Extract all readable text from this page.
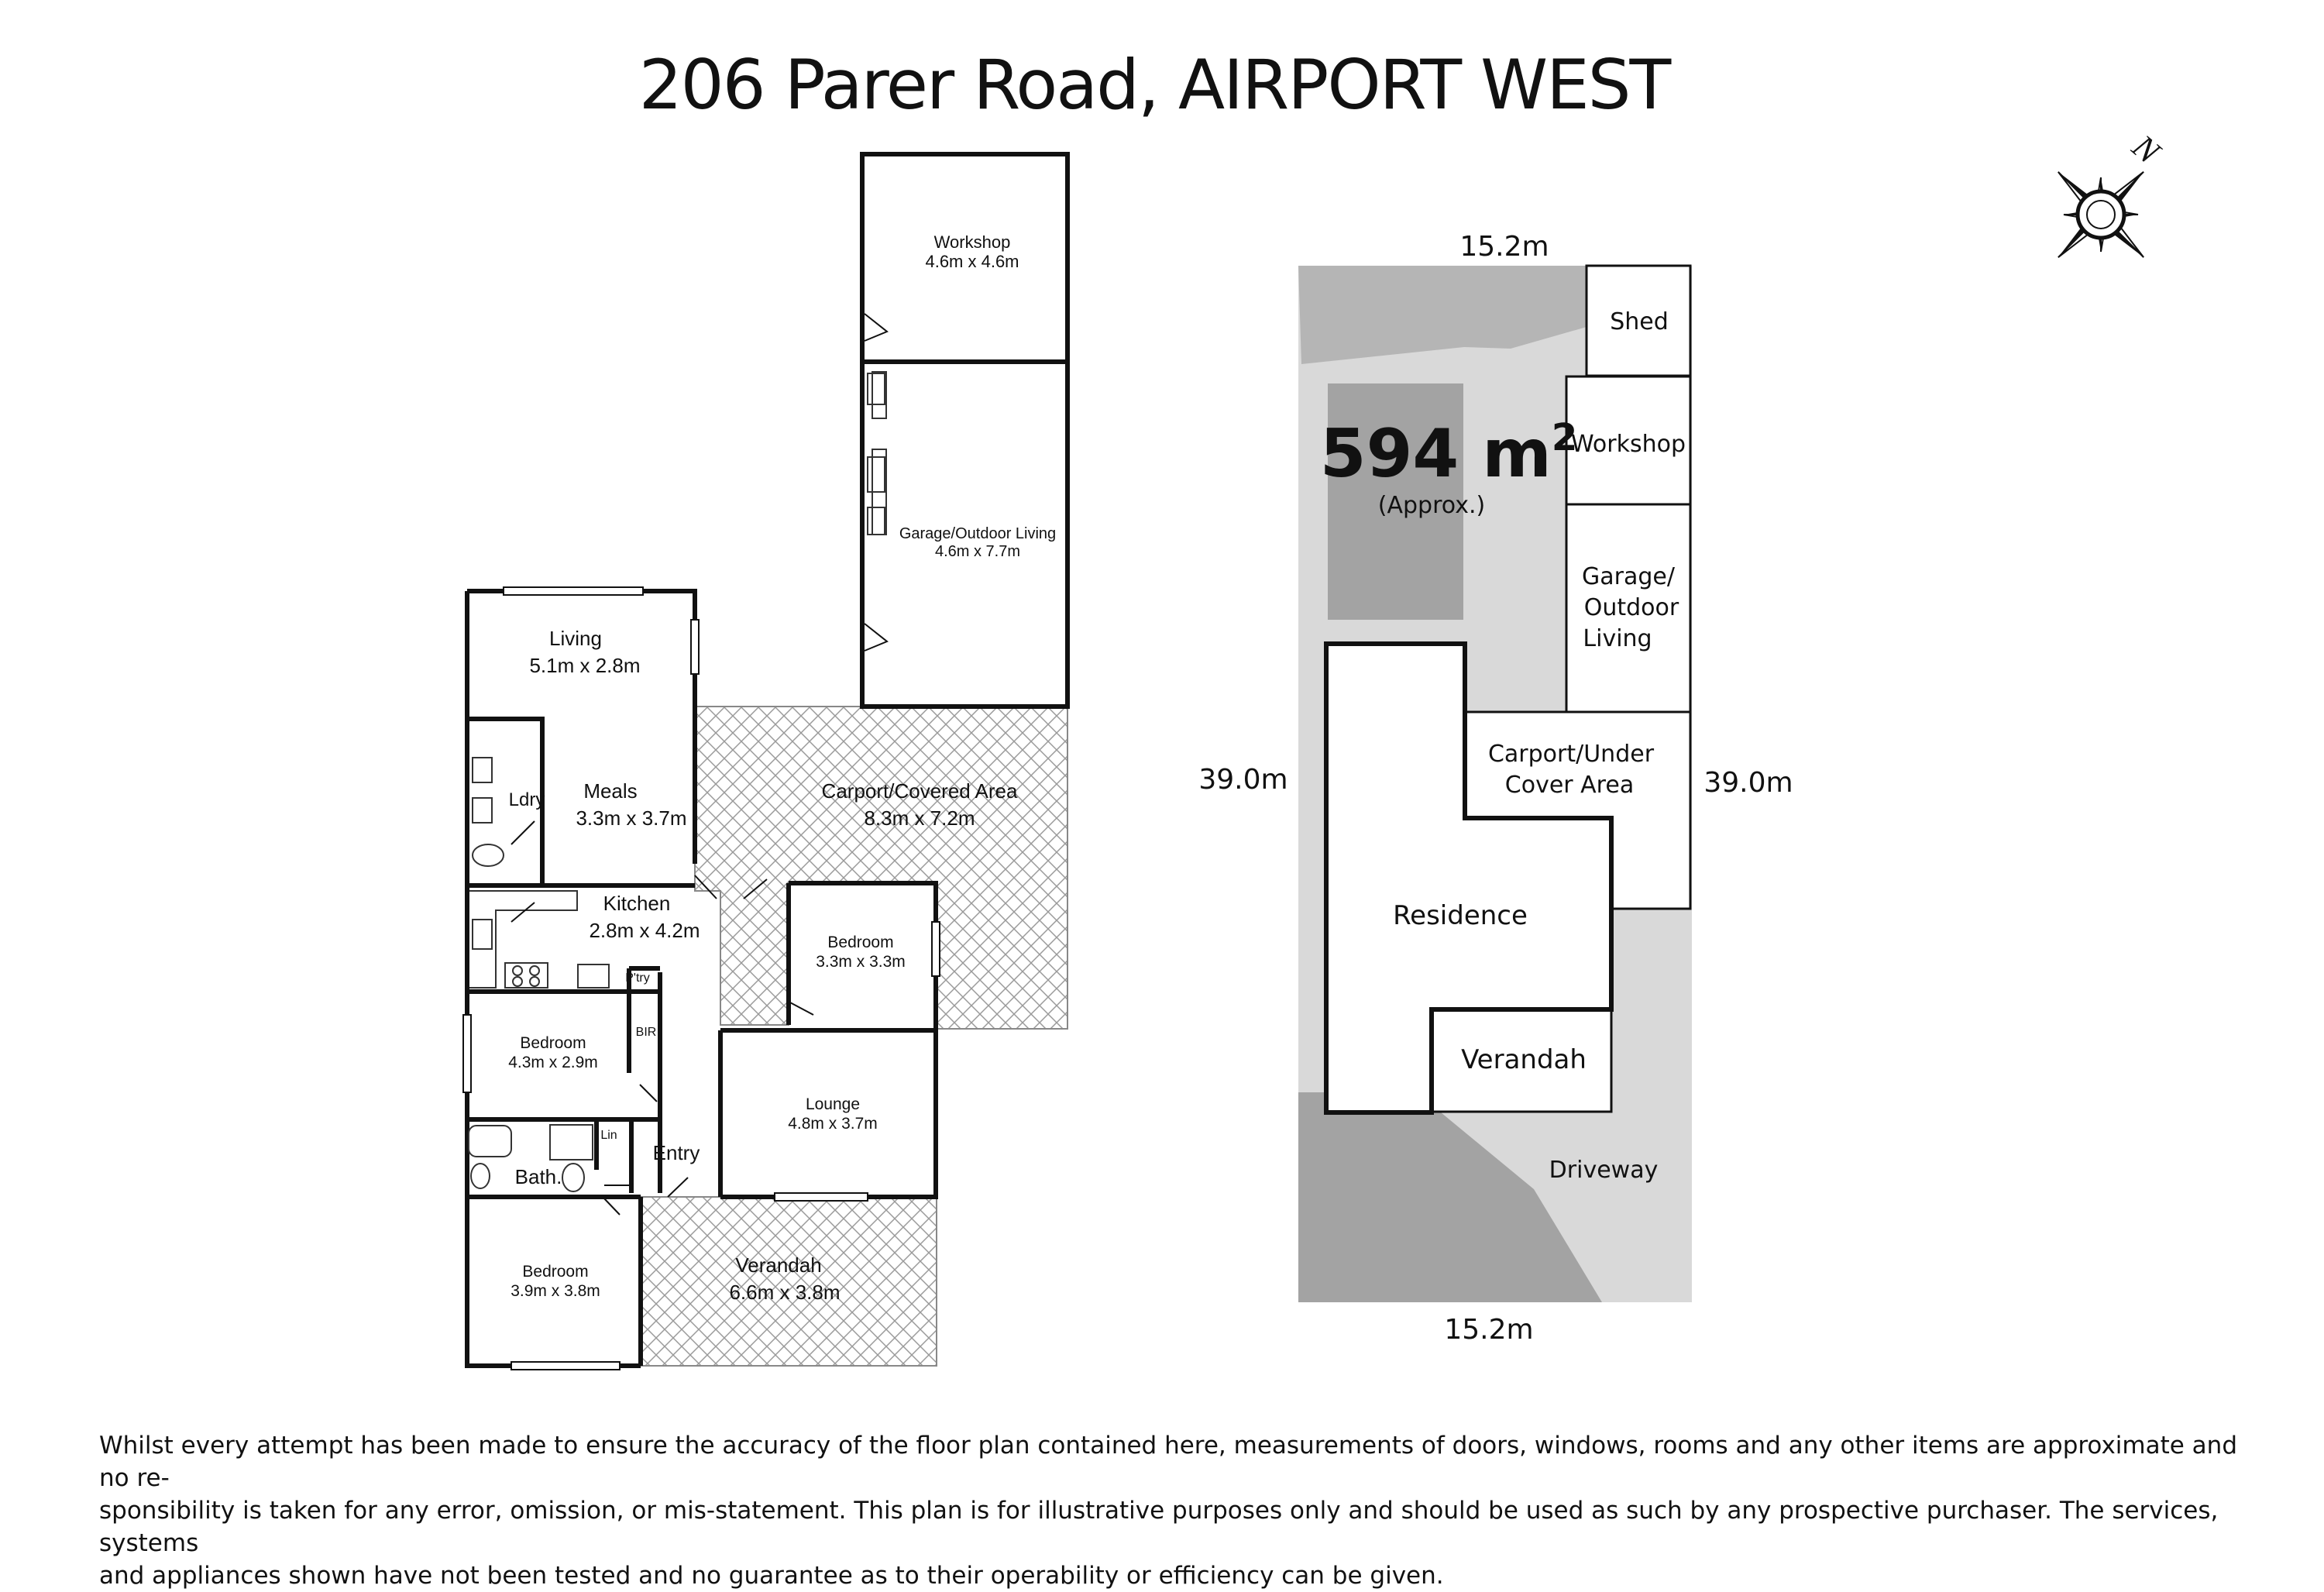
206 Parer Road, AIRPORT WEST
Workshop
4.6m x 4.6m
Garage/Outdoor Living
4.6m x 7.7m
Living
5.1m x 2.8m
Meals
3.3m x 3.7m
Ldry	Carport/Covered Area
8.3m x 7.2m
Kitchen
2.8m x 4.2m
Bedroom
3.3m x 3.3m
P'try
Bedroom
4.3m x 2.9m
BIR
Lounge
4.8m x 3.7m
Lin
Bath.
Entry
Bedroom
3.9m x 3.8m
Verandah
6.6m x 3.8m
594 $m^2$
(Approx.)
Shed
Workshop
Garage/
Outdoor
Living
Carport/Under
Cover Area
Residence
Verandah
Driveway
15.2m
15.2m
39.0m	39.0m
N
Whilst every attempt has been made to ensure the accuracy of the floor plan contained here, measurements of doors, windows, rooms and any other items are approximate and no re-
sponsibility is taken for any error, omission, or mis-statement. This plan is for illustrative purposes only and should be used as such by any prospective purchaser. The services, systems
and appliances shown have not been tested and no guarantee as to their operability or efficiency can be given.
